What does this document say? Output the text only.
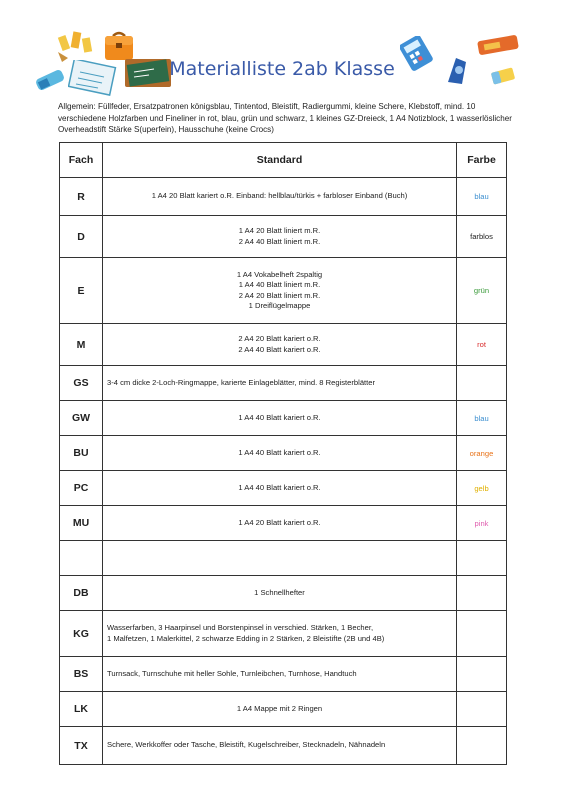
Materialliste 2ab Klasse
Allgemein: Füllfeder, Ersatzpatronen königsblau, Tintentod, Bleistift, Radiergummi, kleine Schere, Klebstoff, mind. 10 verschiedene Holzfarben und Fineliner in rot, blau, grün und schwarz, 1 kleines GZ-Dreieck, 1 A4 Notizblock, 1 wasserlöslicher Overheadstift Stärke S(uperfein), Hausschuhe (keine Crocs)
Fach	Standard	Farbe
R	1 A4 20 Blatt kariert o.R. Einband: hellblau/türkis + farbloser Einband (Buch)	blau
D	1 A4 20 Blatt liniert m.R.
2 A4 40 Blatt liniert m.R.	farblos
E	1 A4 Vokabelheft 2spaltig
1 A4 40 Blatt liniert m.R.
2 A4 20 Blatt liniert m.R.
1 Dreiflügelmappe	grün
M	2 A4 20 Blatt kariert o.R.
2 A4 40 Blatt kariert o.R.	rot
GS	3-4 cm dicke 2-Loch-Ringmappe, karierte Einlageblätter, mind. 8 Registerblätter	

GW	1 A4 40 Blatt kariert o.R.	blau
BU	1 A4 40 Blatt kariert o.R.	orange
PC	1 A4 40 Blatt kariert o.R.	gelb
MU	1 A4 20 Blatt kariert o.R.	pink

DB	1 Schnellhefter	

KG	Wasserfarben, 3 Haarpinsel und Borstenpinsel in verschied. Stärken, 1 Becher,
1 Malfetzen, 1 Malerkittel, 2 schwarze Edding in 2 Stärken, 2 Bleistifte (2B und 4B)	

BS	Turnsack, Turnschuhe mit heller Sohle, Turnleibchen, Turnhose, Handtuch	

LK	1 A4 Mappe mit 2 Ringen	

TX	Schere, Werkkoffer oder Tasche, Bleistift, Kugelschreiber, Stecknadeln, Nähnadeln	
